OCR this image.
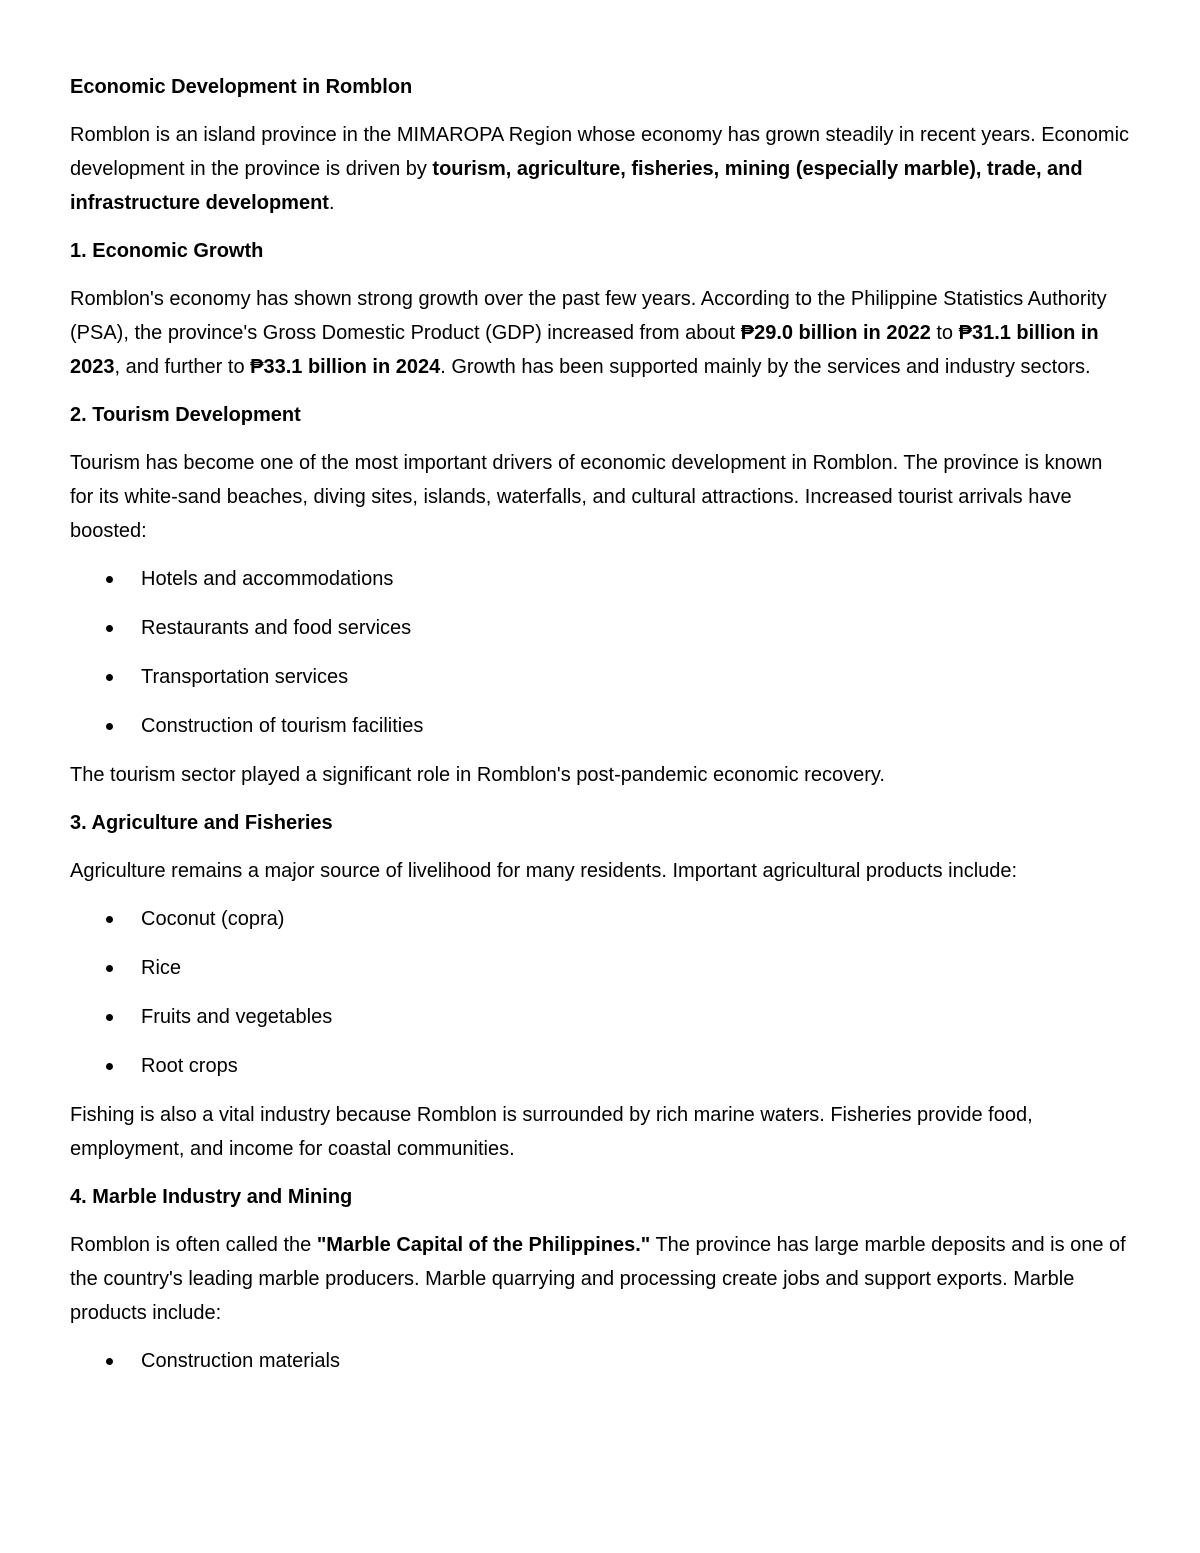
Economic Development in Romblon

Romblon is an island province in the MIMAROPA Region whose economy has grown steadily in recent years. Economic development in the province is driven by tourism, agriculture, fisheries, mining (especially marble), trade, and infrastructure development.

1. Economic Growth

Romblon's economy has shown strong growth over the past few years. According to the Philippine Statistics Authority (PSA), the province's Gross Domestic Product (GDP) increased from about ₱29.0 billion in 2022 to ₱31.1 billion in 2023, and further to ₱33.1 billion in 2024. Growth has been supported mainly by the services and industry sectors.

2. Tourism Development

Tourism has become one of the most important drivers of economic development in Romblon. The province is known for its white-sand beaches, diving sites, islands, waterfalls, and cultural attractions. Increased tourist arrivals have boosted:

Hotels and accommodations
Restaurants and food services
Transportation services
Construction of tourism facilities

The tourism sector played a significant role in Romblon's post-pandemic economic recovery.

3. Agriculture and Fisheries

Agriculture remains a major source of livelihood for many residents. Important agricultural products include:

Coconut (copra)
Rice
Fruits and vegetables
Root crops

Fishing is also a vital industry because Romblon is surrounded by rich marine waters. Fisheries provide food, employment, and income for coastal communities.

4. Marble Industry and Mining

Romblon is often called the "Marble Capital of the Philippines." The province has large marble deposits and is one of the country's leading marble producers. Marble quarrying and processing create jobs and support exports. Marble products include:

Construction materials
